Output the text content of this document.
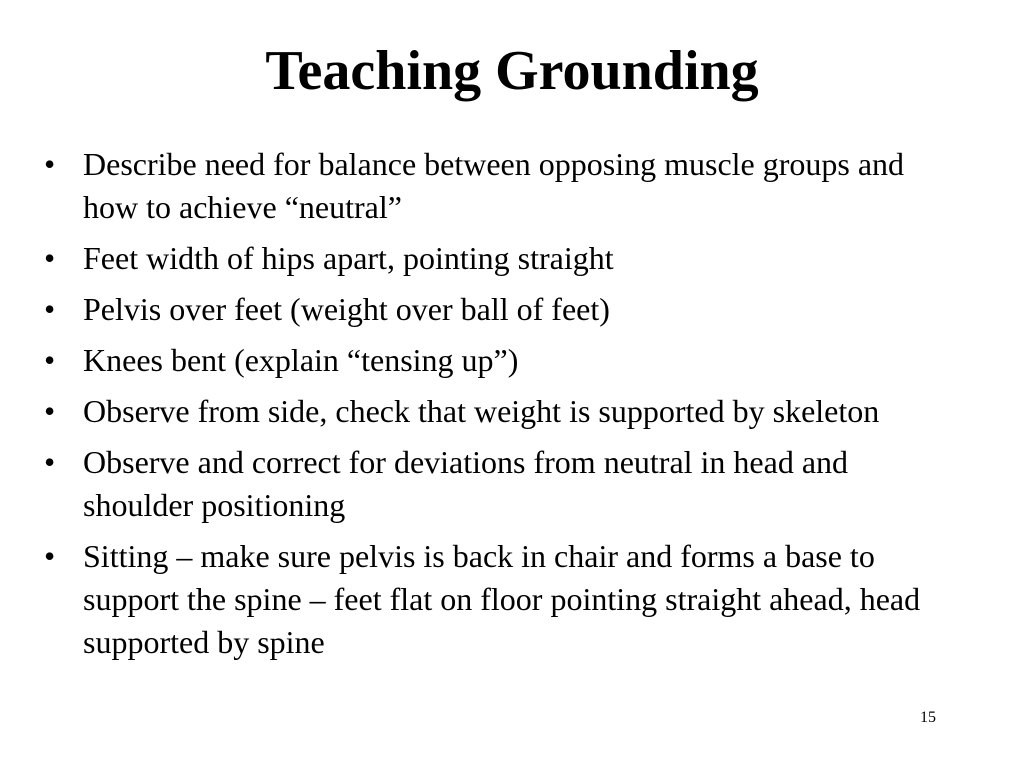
Teaching Grounding
• Describe need for balance between opposing muscle groups and how to achieve “neutral”
• Feet width of hips apart, pointing straight
• Pelvis over feet (weight over ball of feet)
• Knees bent (explain “tensing up”)
• Observe from side, check that weight is supported by skeleton
• Observe and correct for deviations from neutral in head and shoulder positioning
• Sitting – make sure pelvis is back in chair and forms a base to support the spine – feet flat on floor pointing straight ahead, head supported by spine
15
